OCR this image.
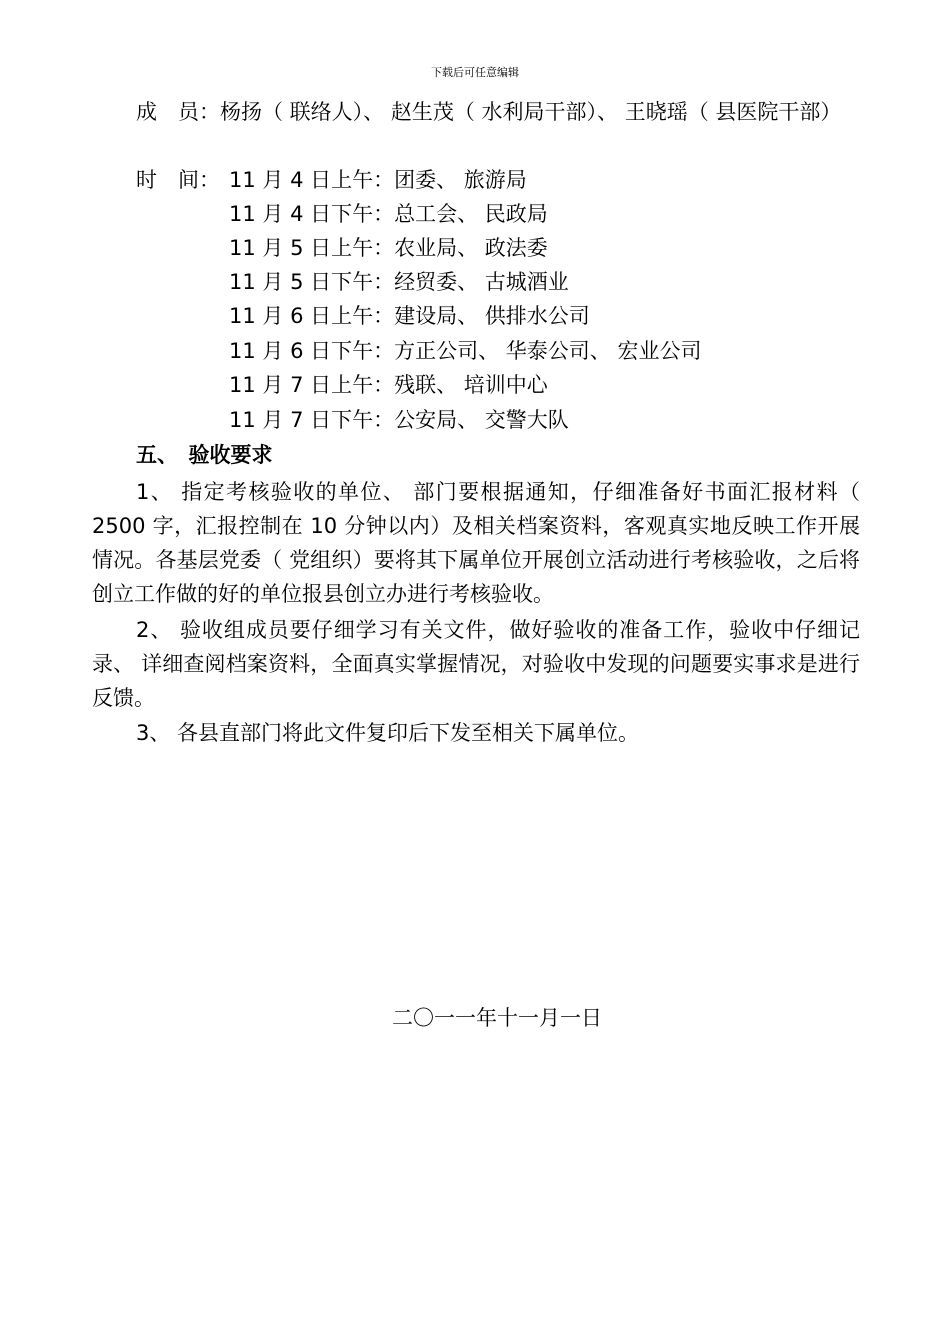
下载后可任意编辑

成　员：杨扬（ 联络人）、 赵生茂（ 水利局干部）、 王晓瑶（ 县医院干部）

时　间： 11 月 4 日上午：团委、 旅游局
11 月 4 日下午：总工会、 民政局
11 月 5 日上午：农业局、 政法委
11 月 5 日下午：经贸委、 古城酒业
11 月 6 日上午：建设局、 供排水公司
11 月 6 日下午：方正公司、 华泰公司、 宏业公司
11 月 7 日上午：残联、 培训中心
11 月 7 日下午：公安局、 交警大队
五、　验收要求

1、 指定考核验收的单位、 部门要根据通知，仔细准备好书面汇报材料（ 2500 字，汇报控制在 10 分钟以内）及相关档案资料，客观真实地反映工作开展情况。各基层党委（ 党组织）要将其下属单位开展创立活动进行考核验收，之后将创立工作做的好的单位报县创立办进行考核验收。

2、 验收组成员要仔细学习有关文件，做好验收的准备工作，验收中仔细记录、 详细查阅档案资料，全面真实掌握情况，对验收中发现的问题要实事求是进行反馈。

3、 各县直部门将此文件复印后下发至相关下属单位。

二〇一一年十一月一日
